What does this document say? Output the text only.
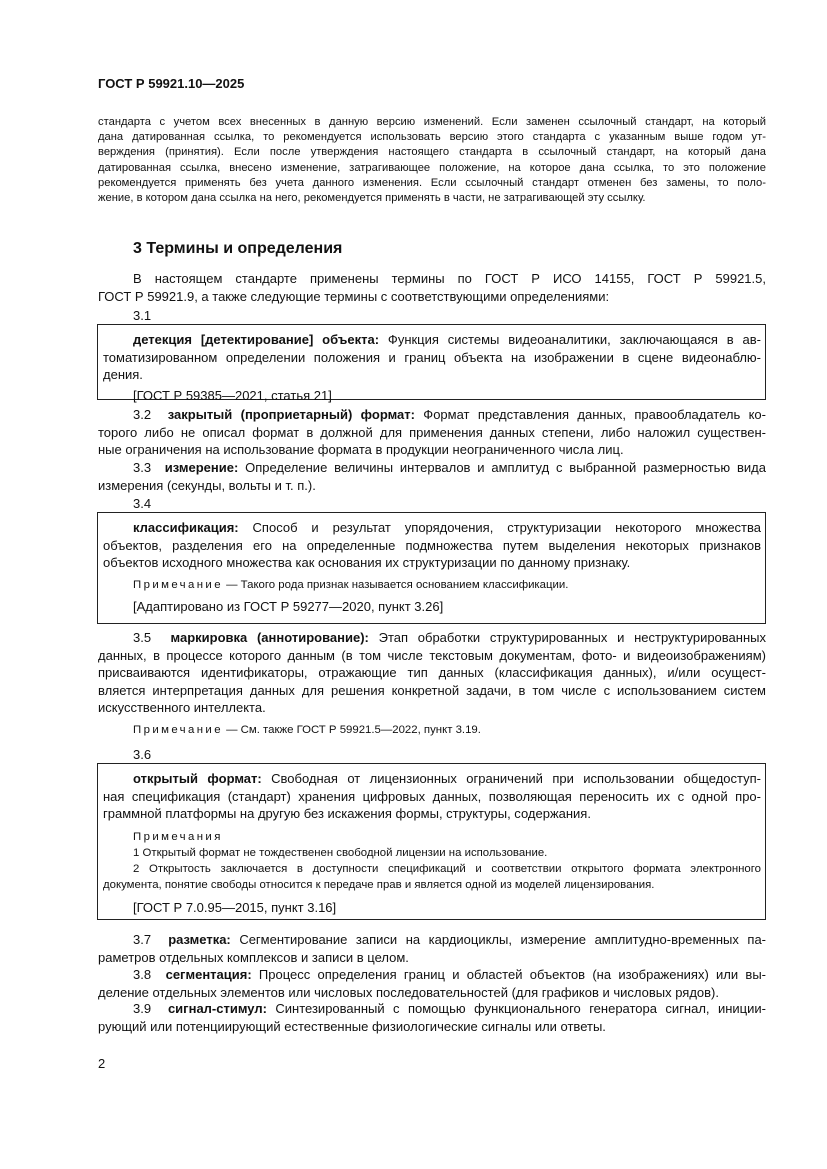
ГОСТ Р 59921.10—2025
стандарта с учетом всех внесенных в данную версию изменений. Если заменен ссылочный стандарт, на который
дана датированная ссылка, то рекомендуется использовать версию этого стандарта с указанным выше годом ут-
верждения (принятия). Если после утверждения настоящего стандарта в ссылочный стандарт, на который дана
датированная ссылка, внесено изменение, затрагивающее положение, на которое дана ссылка, то это положение
рекомендуется применять без учета данного изменения. Если ссылочный стандарт отменен без замены, то поло-
жение, в котором дана ссылка на него, рекомендуется применять в части, не затрагивающей эту ссылку.
3 Термины и определения
В настоящем стандарте применены термины по ГОСТ Р ИСО 14155, ГОСТ Р 59921.5,
ГОСТ Р 59921.9, а также следующие термины с соответствующими определениями:
3.1
детекция [детектирование] объекта: Функция системы видеоаналитики, заключающаяся в ав-
томатизированном определении положения и границ объекта на изображении в сцене видеонаблю-
дения.
[ГОСТ Р 59385—2021, статья 21]
3.2 закрытый (проприетарный) формат: Формат представления данных, правообладатель ко-
торого либо не описал формат в должной для применения данных степени, либо наложил существен-
ные ограничения на использование формата в продукции неограниченного числа лиц.
3.3 измерение: Определение величины интервалов и амплитуд с выбранной размерностью вида
измерения (секунды, вольты и т. п.).
3.4
классификация: Способ и результат упорядочения, структуризации некоторого множества
объектов, разделения его на определенные подмножества путем выделения некоторых признаков
объектов исходного множества как основания их структуризации по данному признаку.
Примечание — Такого рода признак называется основанием классификации.
[Адаптировано из ГОСТ Р 59277—2020, пункт 3.26]
3.5 маркировка (аннотирование): Этап обработки структурированных и неструктурированных
данных, в процессе которого данным (в том числе текстовым документам, фото- и видеоизображениям)
присваиваются идентификаторы, отражающие тип данных (классификация данных), и/или осущест-
вляется интерпретация данных для решения конкретной задачи, в том числе с использованием систем
искусственного интеллекта.
Примечание — См. также ГОСТ Р 59921.5—2022, пункт 3.19.
3.6
открытый формат: Свободная от лицензионных ограничений при использовании общедоступ-
ная спецификация (стандарт) хранения цифровых данных, позволяющая переносить их с одной про-
граммной платформы на другую без искажения формы, структуры, содержания.
Примечания
1 Открытый формат не тождественен свободной лицензии на использование.
2 Открытость заключается в доступности спецификаций и соответствии открытого формата электронного
документа, понятие свободы относится к передаче прав и является одной из моделей лицензирования.
[ГОСТ Р 7.0.95—2015, пункт 3.16]
3.7 разметка: Сегментирование записи на кардиоциклы, измерение амплитудно-временных па-
раметров отдельных комплексов и записи в целом.
3.8 сегментация: Процесс определения границ и областей объектов (на изображениях) или вы-
деление отдельных элементов или числовых последовательностей (для графиков и числовых рядов).
3.9 сигнал-стимул: Синтезированный с помощью функционального генератора сигнал, иниции-
рующий или потенциирующий естественные физиологические сигналы или ответы.
2
